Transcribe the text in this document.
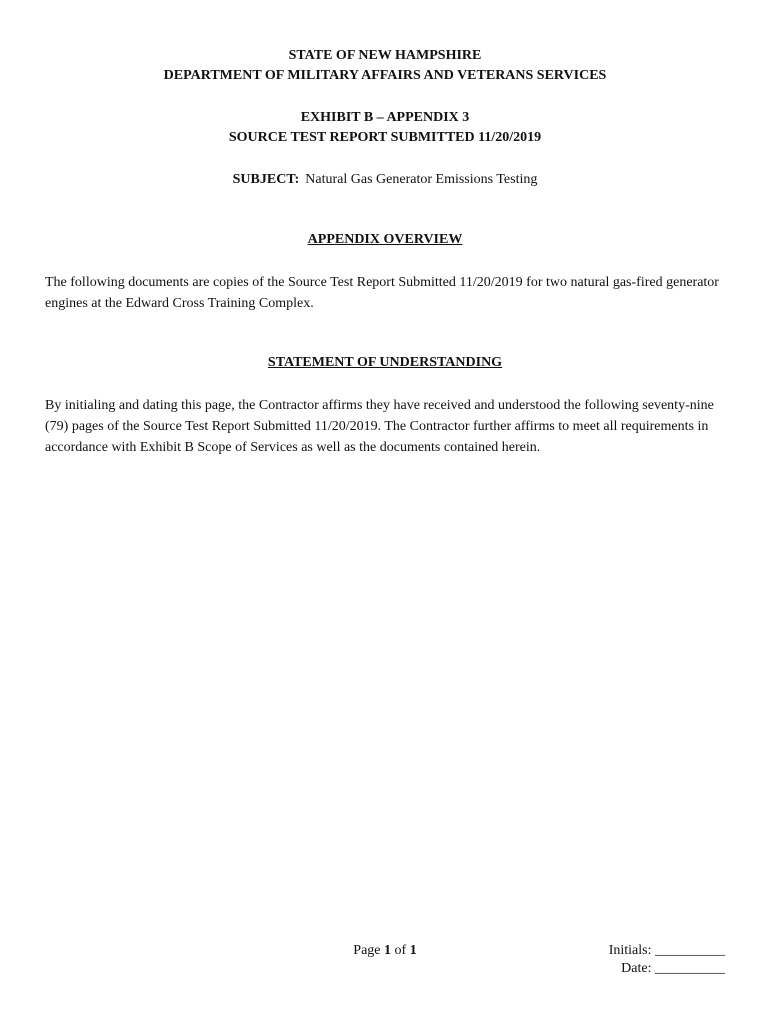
STATE OF NEW HAMPSHIRE
DEPARTMENT OF MILITARY AFFAIRS AND VETERANS SERVICES
EXHIBIT B – APPENDIX 3
SOURCE TEST REPORT SUBMITTED 11/20/2019
SUBJECT: Natural Gas Generator Emissions Testing
APPENDIX OVERVIEW
The following documents are copies of the Source Test Report Submitted 11/20/2019 for two natural gas-fired generator engines at the Edward Cross Training Complex.
STATEMENT OF UNDERSTANDING
By initialing and dating this page, the Contractor affirms they have received and understood the following seventy-nine (79) pages of the Source Test Report Submitted 11/20/2019. The Contractor further affirms to meet all requirements in accordance with Exhibit B Scope of Services as well as the documents contained herein.
Page 1 of 1	Initials: __________
Date: __________
